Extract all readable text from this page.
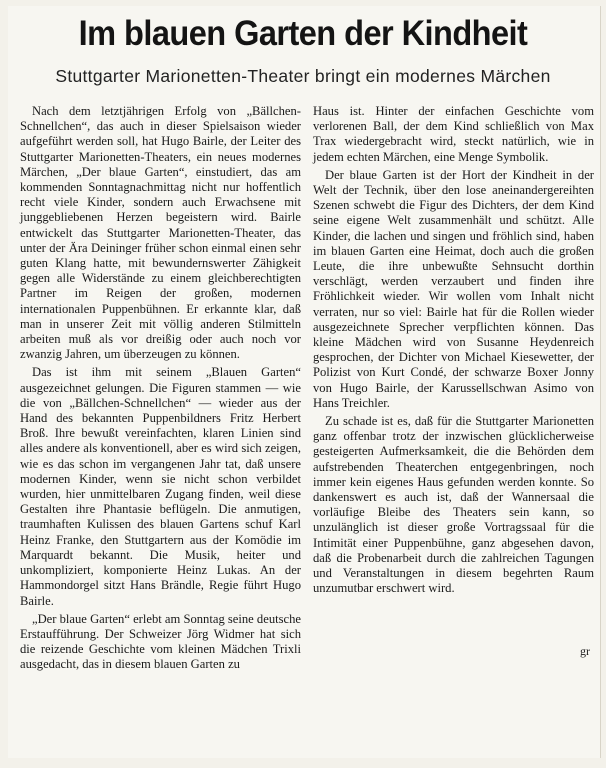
Im blauen Garten der Kindheit
Stuttgarter Marionetten-Theater bringt ein modernes Märchen

Nach dem letztjährigen Erfolg von „Bällchen-Schnellchen“, das auch in dieser Spielsaison wieder aufgeführt werden soll, hat Hugo Bairle, der Leiter des Stuttgarter Marionetten-Theaters, ein neues modernes Märchen, „Der blaue Garten“, einstudiert, das am kommenden Sonntagnachmittag nicht nur hoffentlich recht viele Kinder, sondern auch Erwachsene mit junggebliebenen Herzen begeistern wird. Bairle entwickelt das Stuttgarter Marionetten-Theater, das unter der Ära Deininger früher schon einmal einen sehr guten Klang hatte, mit bewundernswerter Zähigkeit gegen alle Widerstände zu einem gleichberechtigten Partner im Reigen der großen, modernen internationalen Puppenbühnen. Er erkannte klar, daß man in unserer Zeit mit völlig anderen Stilmitteln arbeiten muß als vor dreißig oder auch noch vor zwanzig Jahren, um überzeugen zu können.

Das ist ihm mit seinem „Blauen Garten“ ausgezeichnet gelungen. Die Figuren stammen — wie die von „Bällchen-Schnellchen“ — wieder aus der Hand des bekannten Puppenbildners Fritz Herbert Broß. Ihre bewußt vereinfachten, klaren Linien sind alles andere als konventionell, aber es wird sich zeigen, wie es das schon im vergangenen Jahr tat, daß unsere modernen Kinder, wenn sie nicht schon verbildet wurden, hier unmittelbaren Zugang finden, weil diese Gestalten ihre Phantasie beflügeln. Die anmutigen, traumhaften Kulissen des blauen Gartens schuf Karl Heinz Franke, den Stuttgartern aus der Komödie im Marquardt bekannt. Die Musik, heiter und unkompliziert, komponierte Heinz Lukas. An der Hammondorgel sitzt Hans Brändle, Regie führt Hugo Bairle.

„Der blaue Garten“ erlebt am Sonntag seine deutsche Erstaufführung. Der Schweizer Jörg Widmer hat sich die reizende Geschichte vom kleinen Mädchen Trixli ausgedacht, das in diesem blauen Garten zu

Haus ist. Hinter der einfachen Geschichte vom verlorenen Ball, der dem Kind schließlich von Max Trax wiedergebracht wird, steckt natürlich, wie in jedem echten Märchen, eine Menge Symbolik.

Der blaue Garten ist der Hort der Kindheit in der Welt der Technik, über den lose aneinandergereihten Szenen schwebt die Figur des Dichters, der dem Kind seine eigene Welt zusammenhält und schützt. Alle Kinder, die lachen und singen und fröhlich sind, haben im blauen Garten eine Heimat, doch auch die großen Leute, die ihre unbewußte Sehnsucht dorthin verschlägt, werden verzaubert und finden ihre Fröhlichkeit wieder. Wir wollen vom Inhalt nicht verraten, nur so viel: Bairle hat für die Rollen wieder ausgezeichnete Sprecher verpflichten können. Das kleine Mädchen wird von Susanne Heydenreich gesprochen, der Dichter von Michael Kiesewetter, der Polizist von Kurt Condé, der schwarze Boxer Jonny von Hugo Bairle, der Karussellschwan Asimo von Hans Treichler.

Zu schade ist es, daß für die Stuttgarter Marionetten ganz offenbar trotz der inzwischen glücklicherweise gesteigerten Aufmerksamkeit, die die Behörden dem aufstrebenden Theaterchen entgegenbringen, noch immer kein eigenes Haus gefunden werden konnte. So dankenswert es auch ist, daß der Wannersaal die vorläufige Bleibe des Theaters sein kann, so unzulänglich ist dieser große Vortragssaal für die Intimität einer Puppenbühne, ganz abgesehen davon, daß die Probenarbeit durch die zahlreichen Tagungen und Veranstaltungen in diesem begehrten Raum unzumutbar erschwert wird.

gr
